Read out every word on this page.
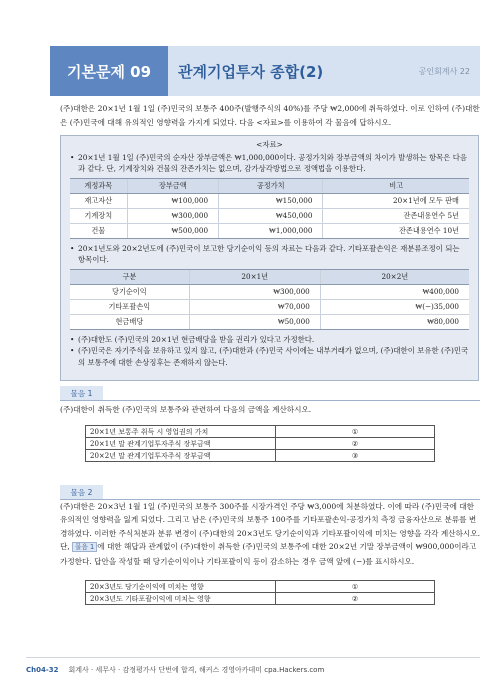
기본문제 09	관계기업투자 종합(2)	공인회계사 22
(주)대한은 20×1년 1월 1일 (주)민국의 보통주 400주(발행주식의 40%)를 주당 ₩2,000에 취득하였다. 이로 인하여 (주)대한은 (주)민국에 대해 유의적인 영향력을 가지게 되었다. 다음 <자료>를 이용하여 각 물음에 답하시오.
<자료>
• 20×1년 1월 1일 (주)민국의 순자산 장부금액은 ₩1,000,000이다. 공정가치와 장부금액의 차이가 발생하는 항목은 다음과 같다. 단, 기계장치와 건물의 잔존가치는 없으며, 감가상각방법으로 정액법을 이용한다.
계정과목	장부금액	공정가치	비고
재고자산	₩100,000	₩150,000	20×1년에 모두 판매
기계장치	₩300,000	₩450,000	잔존내용연수 5년
건물	₩500,000	₩1,000,000	잔존내용연수 10년
• 20×1년도와 20×2년도에 (주)민국이 보고한 당기순이익 등의 자료는 다음과 같다. 기타포괄손익은 재분류조정이 되는 항목이다.
구분	20×1년	20×2년
당기순이익	₩300,000	₩400,000
기타포괄손익	₩70,000	₩(−)35,000
현금배당	₩50,000	₩80,000
• (주)대한도 (주)민국의 20×1년 현금배당을 받을 권리가 있다고 가정한다.
• (주)민국은 자기주식을 보유하고 있지 않고, (주)대한과 (주)민국 사이에는 내부거래가 없으며, (주)대한이 보유한 (주)민국의 보통주에 대한 손상징후는 존재하지 않는다.
물음 1
(주)대한이 취득한 (주)민국의 보통주와 관련하여 다음의 금액을 계산하시오.
20×1년 보통주 취득 시 영업권의 가치	①
20×1년 말 관계기업투자주식 장부금액	②
20×2년 말 관계기업투자주식 장부금액	③
물음 2
(주)대한은 20×3년 1월 1일 (주)민국의 보통주 300주를 시장가격인 주당 ₩3,000에 처분하였다. 이에 따라 (주)민국에 대한 유의적인 영향력을 잃게 되었다. 그리고 남은 (주)민국의 보통주 100주를 기타포괄손익-공정가치 측정 금융자산으로 분류를 변경하였다. 이러한 주식처분과 분류 변경이 (주)대한의 20×3년도 당기순이익과 기타포괄이익에 미치는 영향을 각각 계산하시오. 단, 물음 1 에 대한 해답과 관계없이 (주)대한이 취득한 (주)민국의 보통주에 대한 20×2년 기말 장부금액이 ₩900,000이라고 가정한다. 답안을 작성할 때 당기순이익이나 기타포괄이익 등이 감소하는 경우 금액 앞에 (−)를 표시하시오.
20×3년도 당기순이익에 미치는 영향	①
20×3년도 기타포괄이익에 미치는 영향	②
Ch04-32 회계사 · 세무사 · 감정평가사 단번에 합격, 해커스 경영아카데미 cpa.Hackers.com
